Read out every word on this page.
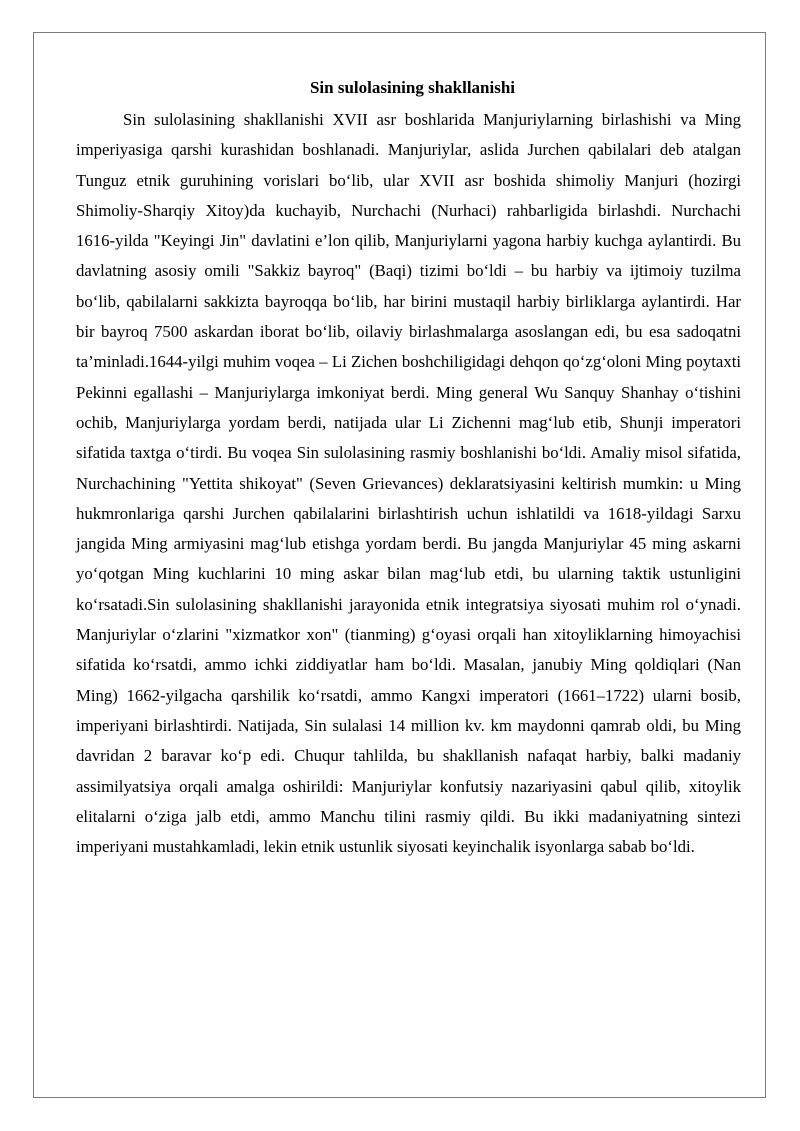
Sin sulolasining shakllanishi

Sin sulolasining shakllanishi XVII asr boshlarida Manjuriylarning birlashishi va Ming imperiyasiga qarshi kurashidan boshlanadi. Manjuriylar, aslida Jurchen qabilalari deb atalgan Tunguz etnik guruhining vorislari bo‘lib, ular XVII asr boshida shimoliy Manjuri (hozirgi Shimoliy-Sharqiy Xitoy)da kuchayib, Nurchachi (Nurhaci) rahbarligida birlashdi. Nurchachi 1616-yilda "Keyingi Jin" davlatini e’lon qilib, Manjuriylarni yagona harbiy kuchga aylantirdi. Bu davlatning asosiy omili "Sakkiz bayroq" (Baqi) tizimi bo‘ldi – bu harbiy va ijtimoiy tuzilma bo‘lib, qabilalarni sakkizta bayroqqa bo‘lib, har birini mustaqil harbiy birliklarga aylantirdi. Har bir bayroq 7500 askardan iborat bo‘lib, oilaviy birlashmalarga asoslangan edi, bu esa sadoqatni ta’minladi.1644-yilgi muhim voqea – Li Zichen boshchiligidagi dehqon qo‘zg‘oloni Ming poytaxti Pekinni egallashi – Manjuriylarga imkoniyat berdi. Ming general Wu Sanquy Shanhay o‘tishini ochib, Manjuriylarga yordam berdi, natijada ular Li Zichenni mag‘lub etib, Shunji imperatori sifatida taxtga o‘tirdi. Bu voqea Sin sulolasining rasmiy boshlanishi bo‘ldi. Amaliy misol sifatida, Nurchachining "Yettita shikoyat" (Seven Grievances) deklaratsiyasini keltirish mumkin: u Ming hukmronlariga qarshi Jurchen qabilalarini birlashtirish uchun ishlatildi va 1618-yildagi Sarxu jangida Ming armiyasini mag‘lub etishga yordam berdi. Bu jangda Manjuriylar 45 ming askarni yo‘qotgan Ming kuchlarini 10 ming askar bilan mag‘lub etdi, bu ularning taktik ustunligini ko‘rsatadi.Sin sulolasining shakllanishi jarayonida etnik integratsiya siyosati muhim rol o‘ynadi. Manjuriylar o‘zlarini "xizmatkor xon" (tianming) g‘oyasi orqali han xitoyliklarning himoyachisi sifatida ko‘rsatdi, ammo ichki ziddiyatlar ham bo‘ldi. Masalan, janubiy Ming qoldiqlari (Nan Ming) 1662-yilgacha qarshilik ko‘rsatdi, ammo Kangxi imperatori (1661–1722) ularni bosib, imperiyani birlashtirdi. Natijada, Sin sulalasi 14 million kv. km maydonni qamrab oldi, bu Ming davridan 2 baravar ko‘p edi. Chuqur tahlilda, bu shakllanish nafaqat harbiy, balki madaniy assimilyatsiya orqali amalga oshirildi: Manjuriylar konfutsiy nazariyasini qabul qilib, xitoylik elitalarni o‘ziga jalb etdi, ammo Manchu tilini rasmiy qildi. Bu ikki madaniyatning sintezi imperiyani mustahkamladi, lekin etnik ustunlik siyosati keyinchalik isyonlarga sabab bo‘ldi.
